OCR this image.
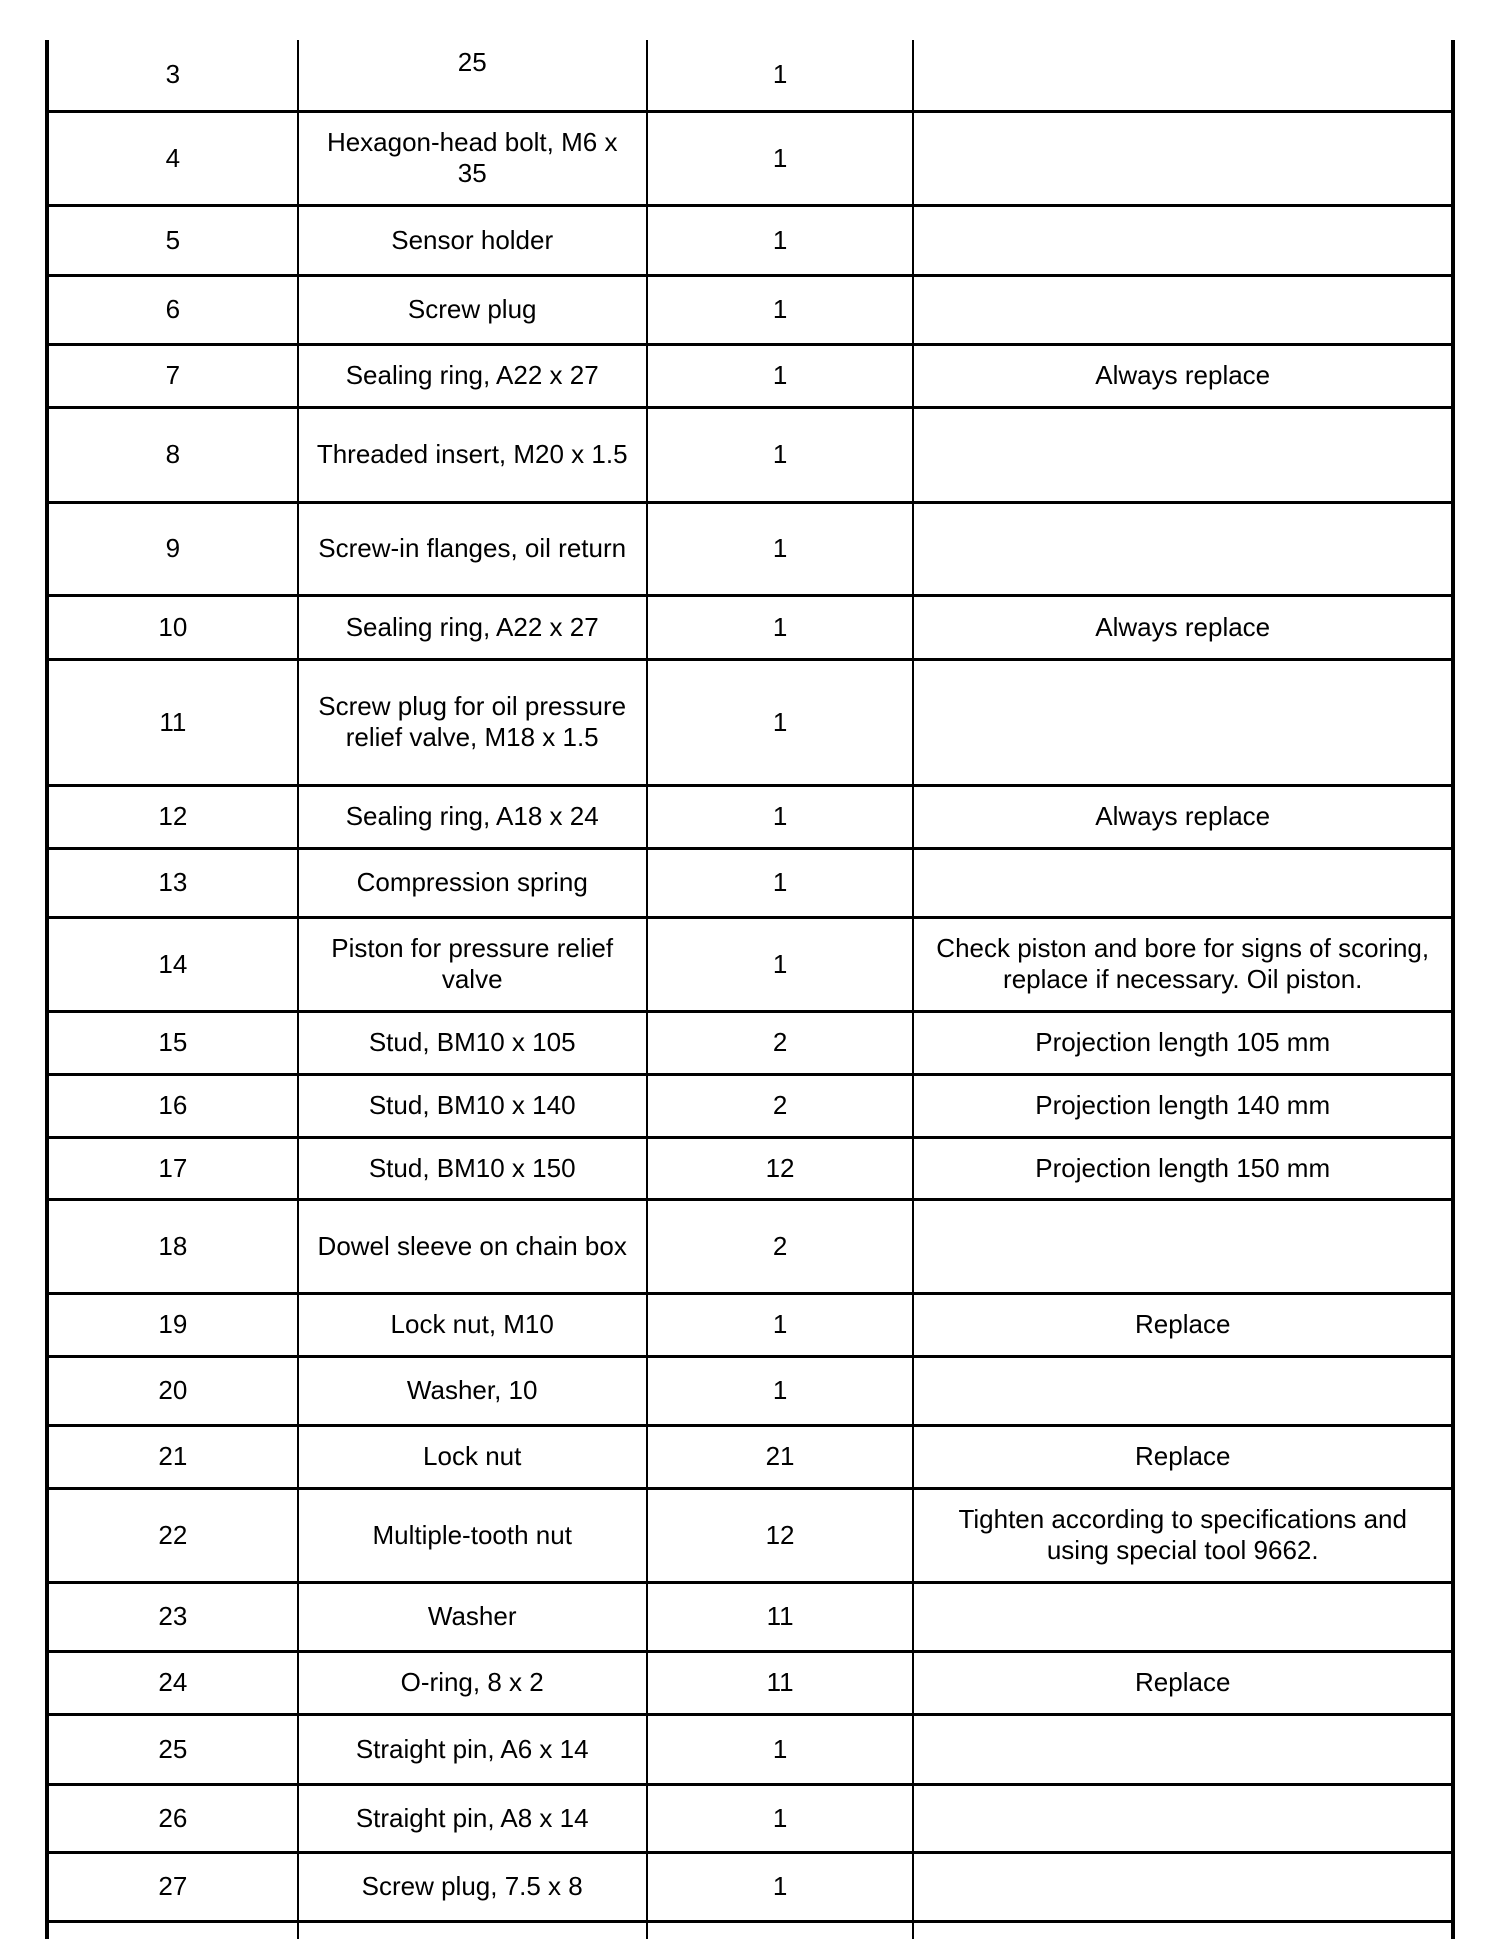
3	25	1	
4	Hexagon-head bolt, M6 x 35	1	
5	Sensor holder	1	
6	Screw plug	1	
7	Sealing ring, A22 x 27	1	Always replace
8	Threaded insert, M20 x 1.5	1	
9	Screw-in flanges, oil return	1	
10	Sealing ring, A22 x 27	1	Always replace
11	Screw plug for oil pressure relief valve, M18 x 1.5	1	
12	Sealing ring, A18 x 24	1	Always replace
13	Compression spring	1	
14	Piston for pressure relief valve	1	Check piston and bore for signs of scoring, replace if necessary. Oil piston.
15	Stud, BM10 x 105	2	Projection length 105 mm
16	Stud, BM10 x 140	2	Projection length 140 mm
17	Stud, BM10 x 150	12	Projection length 150 mm
18	Dowel sleeve on chain box	2	
19	Lock nut, M10	1	Replace
20	Washer, 10	1	
21	Lock nut	21	Replace
22	Multiple-tooth nut	12	Tighten according to specifications and using special tool 9662.
23	Washer	11	
24	O-ring, 8 x 2	11	Replace
25	Straight pin, A6 x 14	1	
26	Straight pin, A8 x 14	1	
27	Screw plug, 7.5 x 8	1	
